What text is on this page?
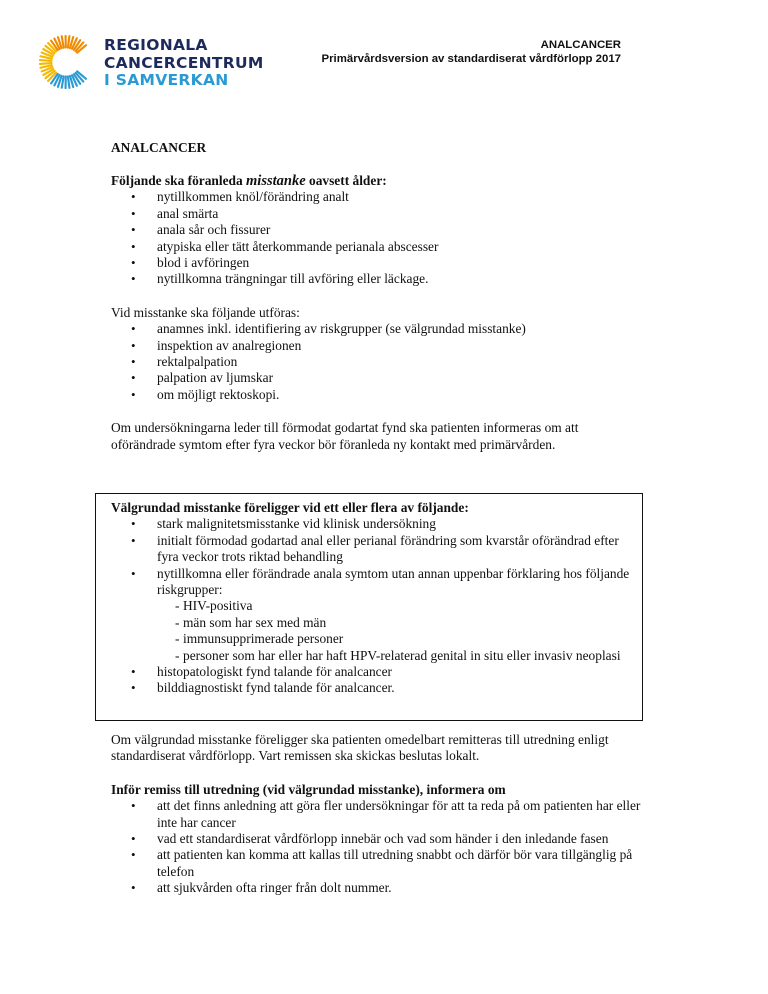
REGIONALA
CANCERCENTRUM
I SAMVERKAN
ANALCANCER
Primärvårdsversion av standardiserat vårdförlopp 2017
ANALCANCER

Följande ska föranleda misstanke oavsett ålder:

• nytillkommen knöl/förändring analt
• anal smärta
• anala sår och fissurer
• atypiska eller tätt återkommande perianala abscesser
• blod i avföringen
• nytillkomna trängningar till avföring eller läckage.

Vid misstanke ska följande utföras:

• anamnes inkl. identifiering av riskgrupper (se välgrundad misstanke)
• inspektion av analregionen
• rektalpalpation
• palpation av ljumskar
• om möjligt rektoskopi.

Om undersökningarna leder till förmodat godartat fynd ska patienten informeras om att oförändrade symtom efter fyra veckor bör föranleda ny kontakt med primärvården.

Välgrundad misstanke föreligger vid ett eller flera av följande:

• stark malignitetsmisstanke vid klinisk undersökning
• initialt förmodad godartad anal eller perianal förändring som kvarstår oförändrad efter fyra veckor trots riktad behandling
• nytillkomna eller förändrade anala symtom utan annan uppenbar förklaring hos följande riskgrupper:
- HIV-positiva
- män som har sex med män
- immunsupprimerade personer
- personer som har eller har haft HPV-relaterad genital in situ eller invasiv neoplasi
• histopatologiskt fynd talande för analcancer
• bilddiagnostiskt fynd talande för analcancer.

Om välgrundad misstanke föreligger ska patienten omedelbart remitteras till utredning enligt standardiserat vårdförlopp. Vart remissen ska skickas beslutas lokalt.

Inför remiss till utredning (vid välgrundad misstanke), informera om

• att det finns anledning att göra fler undersökningar för att ta reda på om patienten har eller inte har cancer
• vad ett standardiserat vårdförlopp innebär och vad som händer i den inledande fasen
• att patienten kan komma att kallas till utredning snabbt och därför bör vara tillgänglig på telefon
• att sjukvården ofta ringer från dolt nummer.
